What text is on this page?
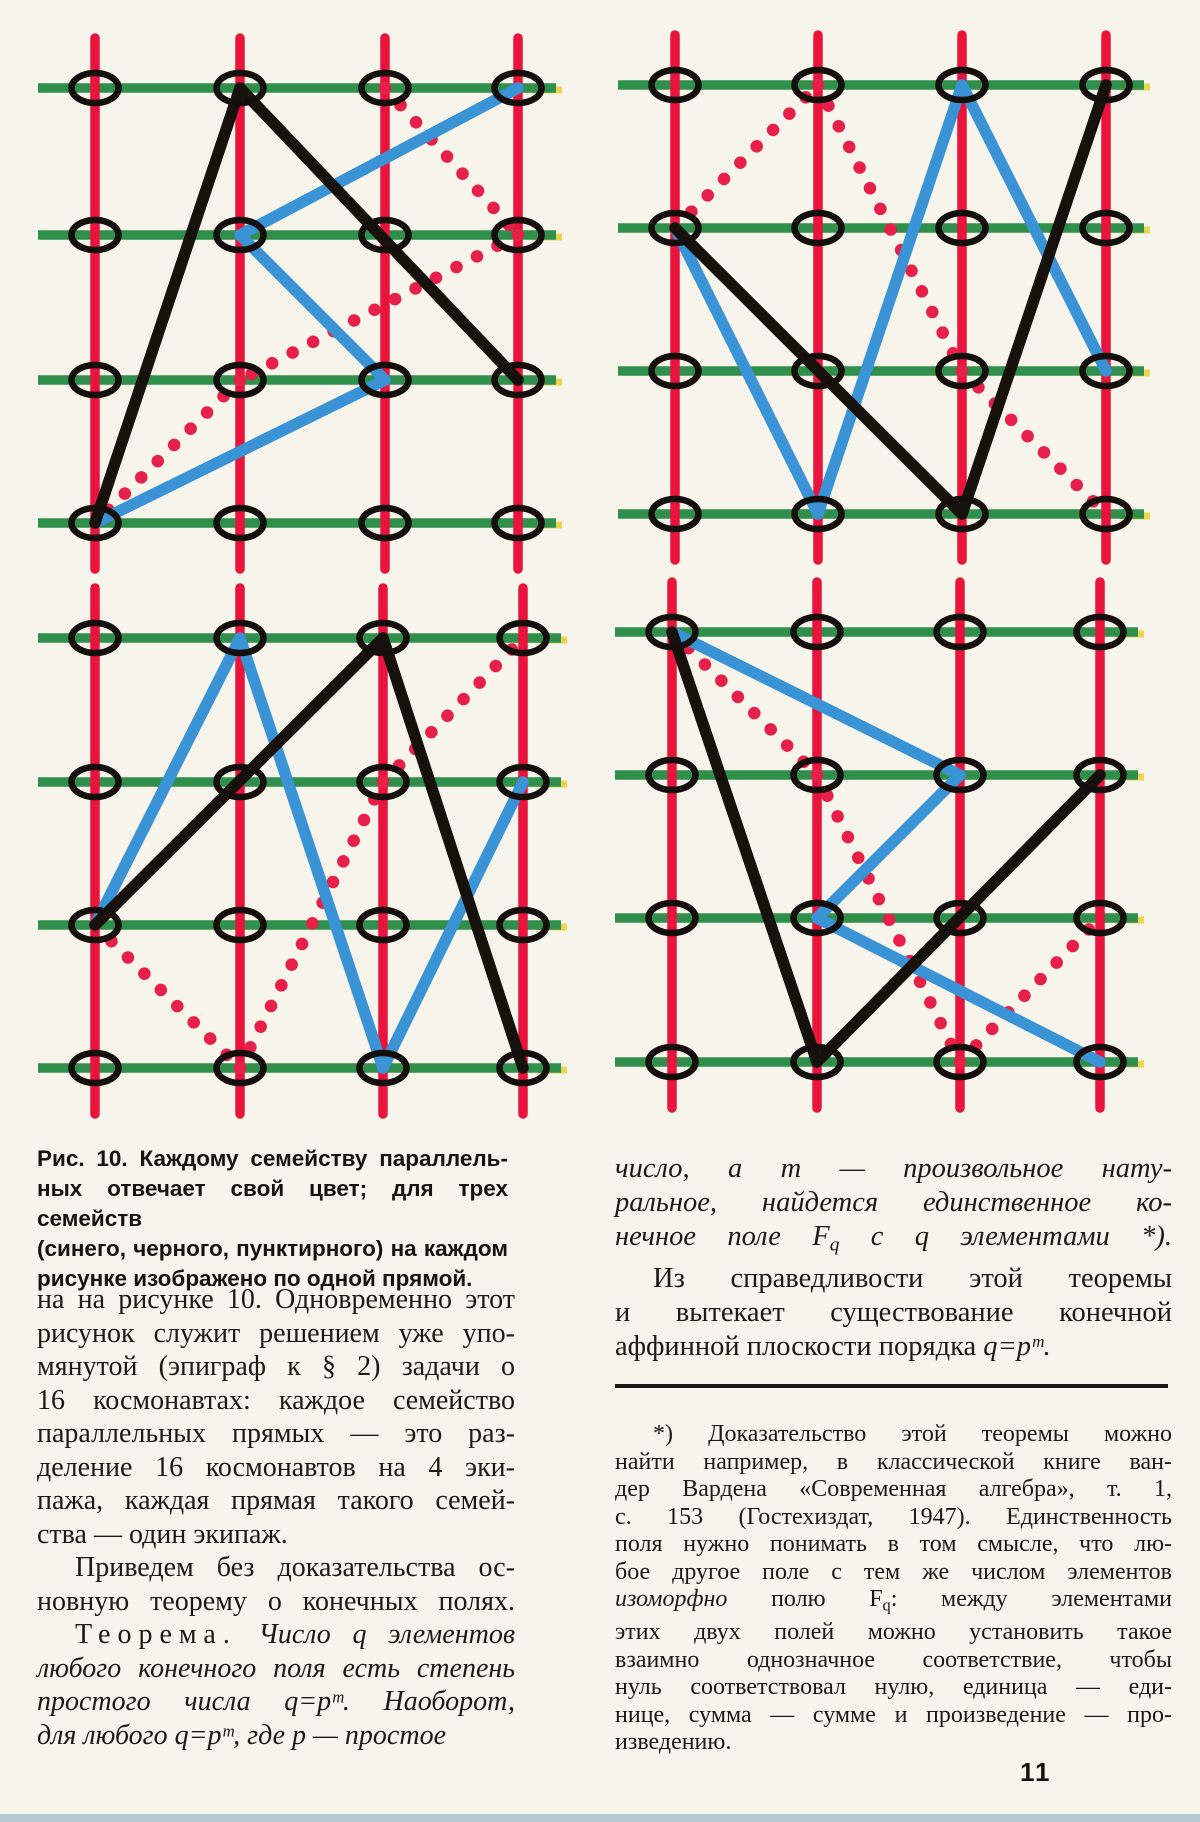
Рис. 10. Каждому семейству параллель-
ных отвечает свой цвет; для трех семейств
(синего, черного, пунктирного) на каждом
рисунке изображено по одной прямой.
на на рисунке 10. Одновременно этот
рисунок служит решением уже упо-
мянутой (эпиграф к § 2) задачи о
16 космонавтах: каждое семейство
параллельных прямых — это раз-
деление 16 космонавтов на 4 эки-
пажа, каждая прямая такого семей-
ства — один экипаж.
Приведем без доказательства ос-
новную теорему о конечных полях.
Теорема. Число q элементов
любого конечного поля есть степень
простого числа q=pᵐ. Наоборот,
для любого q=pᵐ, где p — простое
число, а m — произвольное нату-
ральное, найдется единственное ко-
нечное поле Fq с q элементами *).
Из справедливости этой теоремы
и вытекает существование конечной
аффинной плоскости порядка q=pᵐ.
*) Доказательство этой теоремы можно
найти например, в классической книге ван-
дер Вардена «Современная алгебра», т. 1,
с. 153 (Гостехиздат, 1947). Единственность
поля нужно понимать в том смысле, что лю-
бое другое поле с тем же числом элементов
изоморфно полю $F_q$: между элементами
этих двух полей можно установить такое
взаимно однозначное соответствие, чтобы
нуль соответствовал нулю, единица — еди-
нице, сумма — сумме и произведение — про-
изведению.
11
